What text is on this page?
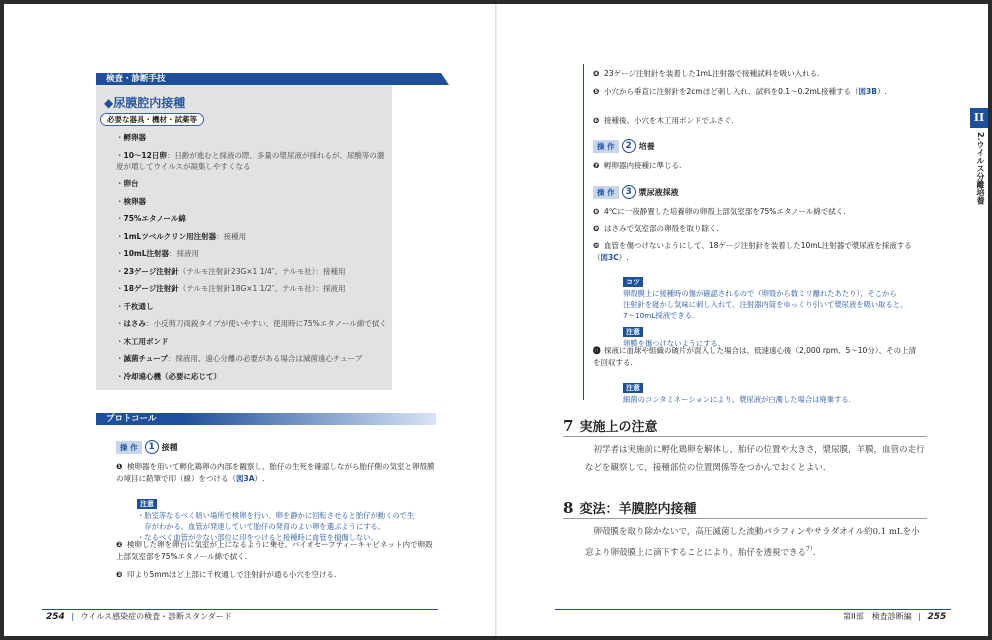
検査・診断手技
◆尿膜腔内接種
必要な器具・機材・試薬等
・孵卵器
・10〜12日卵：日齢が進むと採液の際、多量の漿尿液が採れるが、尿酸等の濃度が増してウイルスが凝集しやすくなる
・卵台
・検卵器
・75%エタノール綿
・1mLツベルクリン用注射器：接種用
・10mL注射器：採液用
・23ゲージ注射針（テルモ注射針23G×1 1/4″、テルモ社）：接種用
・18ゲージ注射針（テルモ注射針18G×1 1/2″、テルモ社）：採液用
・千枚通し
・はさみ：小反剪刀両鋭タイプが使いやすい、使用時に75%エタノール綿で拭く
・木工用ボンド
・滅菌チューブ：採液用、遠心分離の必要がある場合は滅菌遠心チューブ
・冷却遠心機（必要に応じて）
プロトコール
操 作	1 接種
❶ 検卵器を用いて孵化鶏卵の内部を観察し、胎仔の生死を確認しながら胎仔側の気室と卵殻膜の境目に鉛筆で印（線）をつける（図3A）.
注意
・胎室等なるべく暗い場所で検卵を行い、卵を静かに回転させると胎仔が動くので生
　存がわかる。血管が発達していて胎仔の発育のよい卵を選ぶようにする。
・なるべく血管が少ない部位に印をつけると接種時に血管を損傷しない。
❷ 検卵した卵を卵台に気室が上になるように乗せ、バイオセーフティーキャビネット内で卵殻上部気室部を75%エタノール綿で拭く.
❸ 印より5mmほど上部に千枚通しで注射針が通る小穴を空ける.
254 | ウイルス感染症の検査・診断スタンダード
❹ 23ゲージ注射針を装着した1mL注射器で接種試料を吸い入れる.
❺ 小穴から垂直に注射針を2cmほど刺し入れ、試料を0.1〜0.2mL接種する（図3B）.
❻ 接種後、小穴を木工用ボンドでふさぐ.
操 作	2 培養
❼ 孵卵器内接種に準じる.
操 作	3 漿尿液採液
❽ 4℃に一夜静置した培養卵の卵殻上部気室部を75%エタノール綿で拭く.
❾ はさみで気室部の卵殻を取り除く.
❿ 血管を傷つけないようにして、18ゲージ注射針を装着した10mL注射器で漿尿液を採液する（図3C）.
コツ
卵殻膜上に接種時の傷が確認されるので（卵殻から数ミリ離れたあたり）、そこから
注射針を寝かし気味に刺し入れて、注射器内筒をゆっくり引いて漿尿液を吸い取ると、
7〜10mL採液できる.
注意
卵膜を傷つけないようにする.
⓫ 採液に血球や組織の破片が混入した場合は、低速遠心後（2,000 rpm、5〜10分）、その上清を回収する.
注意
細菌のコンタミネーションにより、漿尿液が白濁した場合は廃棄する.
7 実施上の注意
初学者は実施前に孵化鶏卵を解体し，胎仔の位置や大きさ，漿尿膜，羊膜，血管の走行などを観察して，接種部位の位置関係等をつかんでおくとよい．
8 変法：羊膜腔内接種
卵殻膜を取り除かないで，高圧滅菌した流動パラフィンやサラダオイル約0.1 mLを小窓より卵殻膜上に滴下することにより，胎仔を透視できる$^{7)}$．
II
2.ウイルス分離培養
第II部　検査診断編 | 255
